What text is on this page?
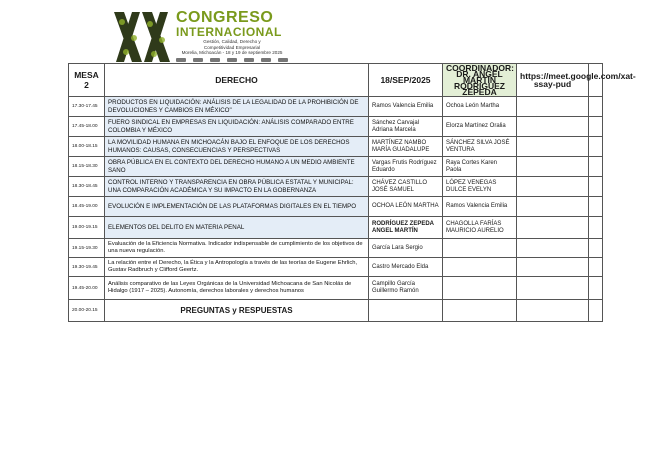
CONGRESO
INTERNACIONAL
Gestión, Calidad, Derecho y
Competitividad Empresarial
Morelia, Michoacán - 18 y 19 de septiembre 2025
MESA 2	DERECHO	18/SEP/2025	COORDINADOR: DR. ANGEL MARTÍN RODRIGUEZ ZEPEDA	https://meet.google.com/xat-ssay-pud	
17.30-17.45	PRODUCTOS EN LIQUIDACIÓN: ANÁLISIS DE LA LEGALIDAD DE LA PROHIBICIÓN DE DEVOLUCIONES Y CAMBIOS EN MÉXICO"	Ramos Valencia Emilia	Ochoa León Martha		
17.45-18.00	FUERO SINDICAL EN EMPRESAS EN LIQUIDACIÓN: ANÁLISIS COMPARADO ENTRE COLOMBIA Y MÉXICO	Sánchez Carvajal Adriana Marcela	Elorza Martínez Oralia		
18.00-18.15	LA MOVILIDAD HUMANA EN MICHOACÁN BAJO EL ENFOQUE DE LOS DERECHOS HUMANOS: CAUSAS, CONSECUENCIAS Y PERSPECTIVAS	MARTÍNEZ NAMBO MARÍA GUADALUPE	SÁNCHEZ SILVA JOSÉ VENTURA		
18.15-18.30	OBRA PÚBLICA EN EL CONTEXTO DEL DERECHO HUMANO A UN MEDIO AMBIENTE SANO	Vargas Frutis Rodríguez Eduardo	Raya Cortes Karen Paola		
18.30-18.45	CONTROL INTERNO Y TRANSPARENCIA EN OBRA PÚBLICA ESTATAL Y MUNICIPAL: UNA COMPARACIÓN ACADÉMICA Y SU IMPACTO EN LA GOBERNANZA	CHÁVEZ CASTILLO JOSÉ SAMUEL	LÓPEZ VENEGAS DULCE EVELYN		
18.45-19.00	EVOLUCIÓN E IMPLEMENTACIÓN DE LAS PLATAFORMAS DIGITALES EN EL TIEMPO	OCHOA LEÓN MARTHA	Ramos Valencia Emilia		
19.00-19.15	ELEMENTOS DEL DELITO EN MATERIA PENAL	RODRÍGUEZ ZEPEDA ANGEL MARTÍN	CHAGOLLA FARÍAS MAURICIO AURELIO		
19.15-19.30	Evaluación de la Eficiencia Normativa. Indicador indispensable de cumplimiento de los objetivos de una nueva regulación.	García Lara Sergio			
19.30-19.45	La relación entre el Derecho, la Ética y la Antropología a través de las teorías de Eugene Ehrlich, Gustav Radbruch y Clifford Geertz.	Castro Mercado Elda			
19.45-20.00	Análisis comparativo de las Leyes Orgánicas de la Universidad Michoacana de San Nicolás de Hidalgo (1917 – 2025). Autonomía, derechos laborales y derechos humanos	Campillo García Guillermo Ramón			
20.00-20.15	PREGUNTAS y RESPUESTAS				
